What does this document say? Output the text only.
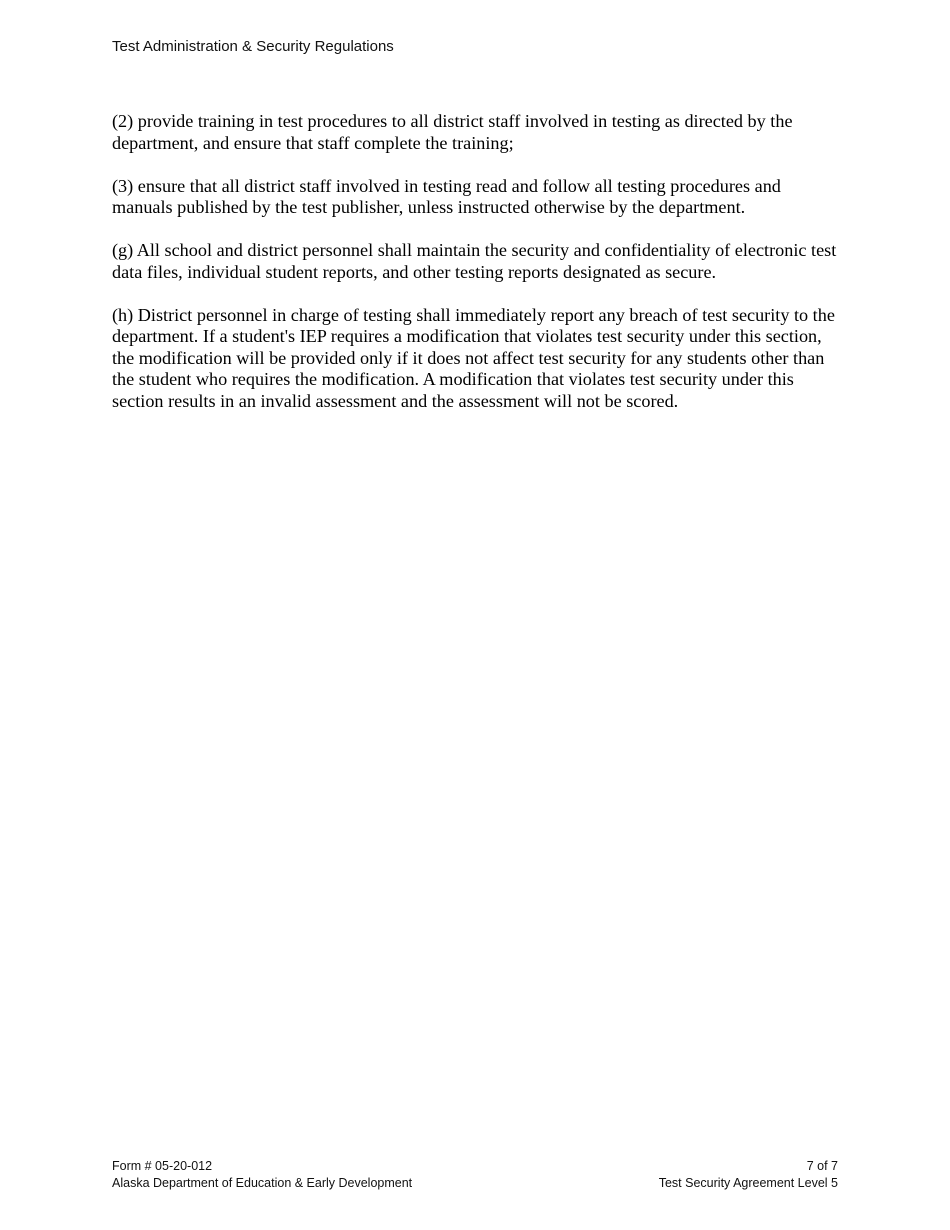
Test Administration & Security Regulations

(2) provide training in test procedures to all district staff involved in testing as directed by the department, and ensure that staff complete the training;

(3) ensure that all district staff involved in testing read and follow all testing procedures and manuals published by the test publisher, unless instructed otherwise by the department.

(g) All school and district personnel shall maintain the security and confidentiality of electronic test data files, individual student reports, and other testing reports designated as secure.

(h) District personnel in charge of testing shall immediately report any breach of test security to the department. If a student's IEP requires a modification that violates test security under this section, the modification will be provided only if it does not affect test security for any students other than the student who requires the modification. A modification that violates test security under this section results in an invalid assessment and the assessment will not be scored.

Form # 05-20-012	7 of 7
Alaska Department of Education & Early Development	Test Security Agreement Level 5
